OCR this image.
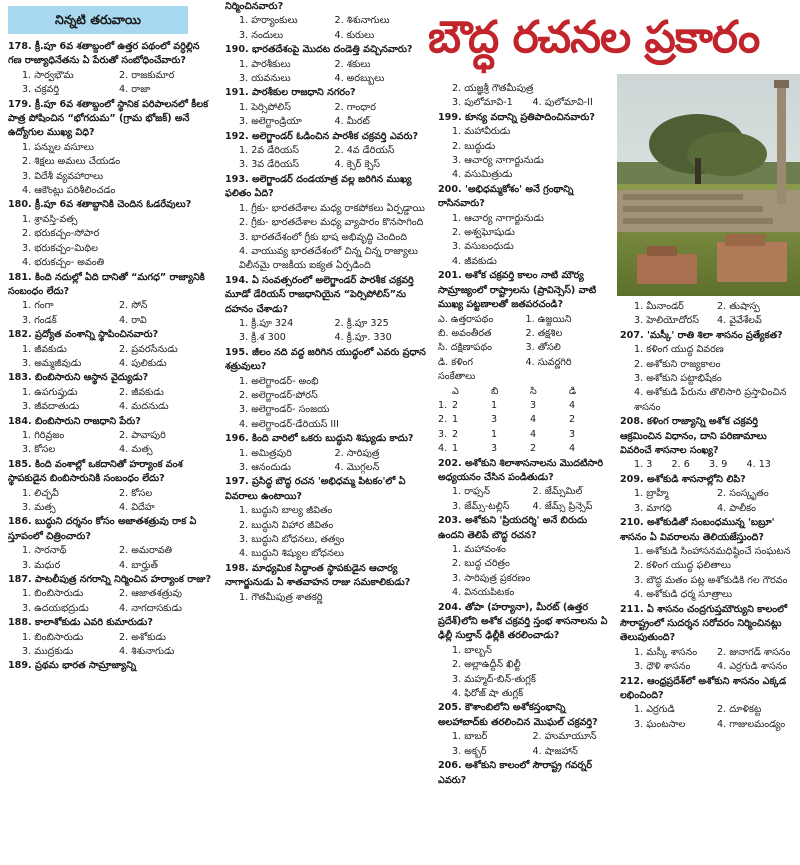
బౌద్ధ రచనల ప్రకారం
నిన్నటి తరువాయి
178. క్రీ.పూ 6వ శతాబ్దంలో ఉత్తర పథంలో వర్ధిల్లిన గణ రాజ్యాధినేతను ఏ పేరుతో సంబోధించేవారు?
1. సార్వభౌమ	2. రాజకుమార
3. చక్రవర్తి	4. రాజా
179. క్రీ.పూ 6వ శతాబ్దంలో స్థానిక పరిపాలనలో కీలక పాత్ర పోషించిన “భోగదుమ” (గ్రామ భోజక్) అనే ఉద్యోగుల ముఖ్య విధి?
1. పన్నుల వసూలు
2. శిక్షలు అమలు చేయడం
3. విదేశీ వ్యవహారాలు
4. ఆకౌంట్లు పరిశీలించడం
180. క్రీ.పూ 6వ శతాబ్దానికి చెందిన ఓడరేవులు?
1. శ్రావస్తి-వత్స
2. భరుకచ్చం-సోపార
3. భరుకచ్చం-మిథిల
4. భరుకచ్చం- అవంతి
181. కింది నదుల్లో ఏది దానితో “మగధ” రాజ్యానికి సంబంధం లేదు?
1. గంగా	2. సోన్
3. గండక్	4. రావి
182. ప్రద్యోత వంశాన్ని స్థాపించినవారు?
1. జీవకుడు	2. ప్రవరసేనుడు
3. అమ్మజీవుడు	4. పులికుడు
183. బింబిసారుని ఆస్థాన వైద్యుడు?
1. ఉపగుప్తుడు	2. జీవకుడు
3. జీవదాతుడు	4. మదనుడు
184. బింబిసారుని రాజధాని పేరు?
1. గిరివ్రజం	2. పావాపురి
3. కోసల	4. మత్స
185. కింది వంశాల్లో ఒకదానితో హర్యాంక వంశ స్థాపకుడైన బింబిసారునికి సంబంధం లేదు?
1. లిచ్ఛవీ	2. కోసల
3. మత్స	4. విదేహ
186. బుద్ధుని దర్శనం కోసం అజాతశత్రువు రాక ఏ స్తూపంలో చిత్రించారు?
1. సారనాథ్	2. అమరావతి
3. మధుర	4. బార్హుత్
187. పాటలీపుత్ర నగరాన్ని నిర్మించిన హర్యాంక రాజు?
1. బింబిసారుడు	2. ఆజాతశత్రువు
3. ఉదయభద్రుడు	4. నాగదాసకుడు
188. కాలాశోకుడు ఎవరి కుమారుడు?
1. బింబిసారుడు	2. అశోకుడు
3. ముద్రకుడు	4. శిశునాగుడు
189. ప్రథమ భారత సామ్రాజ్యాన్ని
నిర్మించినవారు?
1. హర్యాంకులు	2. శిశునాగులు
3. నందులు	4. కురులు
190. భారతదేశంపై మొదట దండెత్తి వచ్చినవారు?
1. పారశీకులు	2. శకులు
3. యవనులు	4. అరబ్బులు
191. పారశీకుల రాజధాని నగరం?
1. పెర్సిపోలిస్	2. గాంధార
3. అలెగ్జాండ్రియా	4. మీరట్
192. అలెగ్జాండర్ ఓడించిన పారశీక చక్రవర్తి ఎవరు?
1. 2వ డేరియస్	2. 4వ డేరియస్
3. 3వ డేరియస్	4. క్సెర్ క్సెస్
193. అలెగ్జాండర్ దండయాత్ర వల్ల జరిగిన ముఖ్య ఫలితం ఏది?
1. గ్రీకు- భారతదేశాల మధ్య రాకపోకలు ఏర్పడ్డాయి
2. గ్రీకు- భారతదేశాల మధ్య వ్యాపారం కొనసాగింది
3. భారతదేశంలో గ్రీకు భాష అభివృద్ధి చెందింది
4. వాయువ్య భారతదేశంలో చిన్న చిన్న రాజ్యాలు విలీనమై రాజకీయ ఐక్యత ఏర్పడింది
194. ఏ సంవత్సరంలో అలెగ్జాండర్ పారశీక చక్రవర్తి మూడో డేరియస్ రాజధానియైన “పెర్సిపోలిస్”ను దహనం చేశాడు?
1. క్రీ.పూ 324	2. క్రీ.పూ 325
3. క్రీ.శ 300	4. క్రీ.పూ. 330
195. జీలం నది వద్ద జరిగిన యుద్ధంలో ఎవరు ప్రధాన శత్రువులు?
1. అలెగ్జాండర్- అంభి
2. అలెగ్జాండర్-పోరస్
3. అలెగ్జాండర్- సంజయ
4. అలెగ్జాండర్-డేరియస్ III
196. కింది వారిలో ఒకరు బుద్ధుని శిష్యుడు కాదు?
1. అమిత్రపురి	2. సారిపుత్ర
3. ఆనందుడు	4. మొగ్గలన్
197. ప్రసిద్ధ బౌద్ధ రచన 'అభిధమ్మ పిటకం'లో ఏ వివరాలు ఉంటాయి?
1. బుద్ధుని బాల్య జీవితం
2. బుద్ధుని విహార జీవితం
3. బుద్ధుని బోధనలు, తత్వం
4. బుద్ధుని శిష్యుల బోధనలు
198. మాధ్యమిక సిద్ధాంత స్థాపకుడైన ఆచార్య నాగార్జునుడు ఏ శాతవాహన రాజు సమకాలికుడు?
1. గౌతమీపుత్ర శాతకర్ణి
2. యజ్ఞశ్రీ గౌతమీపుత్ర
3. పులోమావి-1	4. పులోమావి-II
199. కూన్య వదాన్ని ప్రతిపాదించినవారు?
1. మహావీరుడు
2. బుద్ధుడు
3. ఆచార్య నాగార్జునుడు
4. వసుమిత్రుడు
200. 'అభిధమ్మకోశం' అనే గ్రంథాన్ని రాసినవారు?
1. ఆచార్య నాగార్జునుడు
2. అశ్వఘోషుడు
3. వసుబంధుడు
4. జీవకుడు
201. అశోక చక్రవర్తి కాలం నాటి మౌర్య సామ్రాజ్యంలో రాష్ట్రాలను (ప్రావిన్సెస్) వాటి ముఖ్య పట్టణాలతో జతపరచండి?
ఎ. ఉత్తరాపథం	1. ఉజ్జయిని
బి. అవంతీరత	2. తక్షశిల
సి. దక్షిణాపథం	3. తోసలి
డి. కళింగ	4. సువర్ణగిరి
సంకేతాలు
ఎ	బి	సి	డి
1. 2	1	3	4
2. 1	3	4	2
3. 2	1	4	3
4. 1	3	2	4
202. అశోకుని శిలాశాసనాలను మొదటిసారి అధ్యయనం చేసిన పండితుడు?
1. రాఫ్సన్	2. జేమ్స్‌మిల్
3. జేమ్స్-టల్లిస్	4. జేమ్స్ ప్రిన్సెప్
203. అశోకుని 'ప్రియదర్శి' అనే బిరుదు ఉందని తెలిపే బౌద్ధ రచన?
1. మహావంశం
2. బుద్ధ చరిత్రం
3. సారిపుత్ర ప్రకరణం
4. వినయపిటకం
204. తోపా (హర్యానా), మీరట్ (ఉత్తర ప్రదేశ్)లోని అశోక చక్రవర్తి స్తంభ శాసనాలను ఏ ఢిల్లీ సుల్తాన్ ఢిల్లీకి తరలించాడు?
1. బాల్బన్
2. అల్లాఉద్దీన్ ఖిల్జీ
3. మహ్మద్-బిన్-తుగ్లక్
4. ఫిరోజ్ షా తుగ్లక్
205. కౌశాంబిలోని అశోకస్తంభాన్ని అలహాబాద్‌కు తరలించిన మొఘల్ చక్రవర్తి?
1. బాబర్	2. హుమాయూన్
3. అక్బర్	4. షాజహాన్
206. అశోకుని కాలంలో సౌరాష్ట్ర గవర్నర్ ఎవరు?
1. మీనాండర్	2. తుషాస్ప
3. హెలియోదోరస్	4. వైవేశేలవ్
207. 'మస్కీ' రాతి శిలా శాసనం ప్రత్యేకత?
1. కళింగ యుద్ధ వివరణ
2. అశోకుని రాజ్యకాలం
3. అశోకుని పట్టాభిషేకం
4. అశోకుడి పేరును తొలిసారి ప్రస్తావించిన శాసనం
208. కళింగ రాజ్యాన్ని అశోక చక్రవర్తి ఆక్రమించిన విధానం, దాని పరిణామాలు వివరించే శాసనాల సంఖ్య?
1. 3	2. 6	3. 9	4. 13
209. అశోకుడి శాసనాల్లోని లిపి?
1. బ్రాహ్మీ	2. సంస్కృతం
3. మాగధి	4. పాలీకం
210. అశోకుడితో సంబంధమున్న 'బబ్రూ' శాసనం ఏ వివరాలను తెలియజేస్తుంది?
1. అశోకుడి సింహాసనమధిష్ఠించే సంఘటన
2. కళింగ యుద్ధ ఫలితాలు
3. బౌద్ధ మతం పట్ల అశోకుడికి గల గౌరవం
4. అశోకుడి ధర్మ సూత్రాలు
211. ఏ శాసనం చంద్రగుప్తమౌర్యుని కాలంలో సౌరాష్ట్రంలో సుదర్శన సరోవరం నిర్మించినట్లు తెలుపుతుంది?
1. మస్కీ శాసనం	2. జునాగడ్ శాసనం
3. ధౌళి శాసనం	4. ఎర్రగుడి శాసనం
212. ఆంధ్రప్రదేశ్‌లో అశోకుని శాసనం ఎక్కడ లభించింది?
1. ఎర్రగుడి	2. దూళికట్ట
3. ఘంటసాల	4. గాజులమండ్యం
